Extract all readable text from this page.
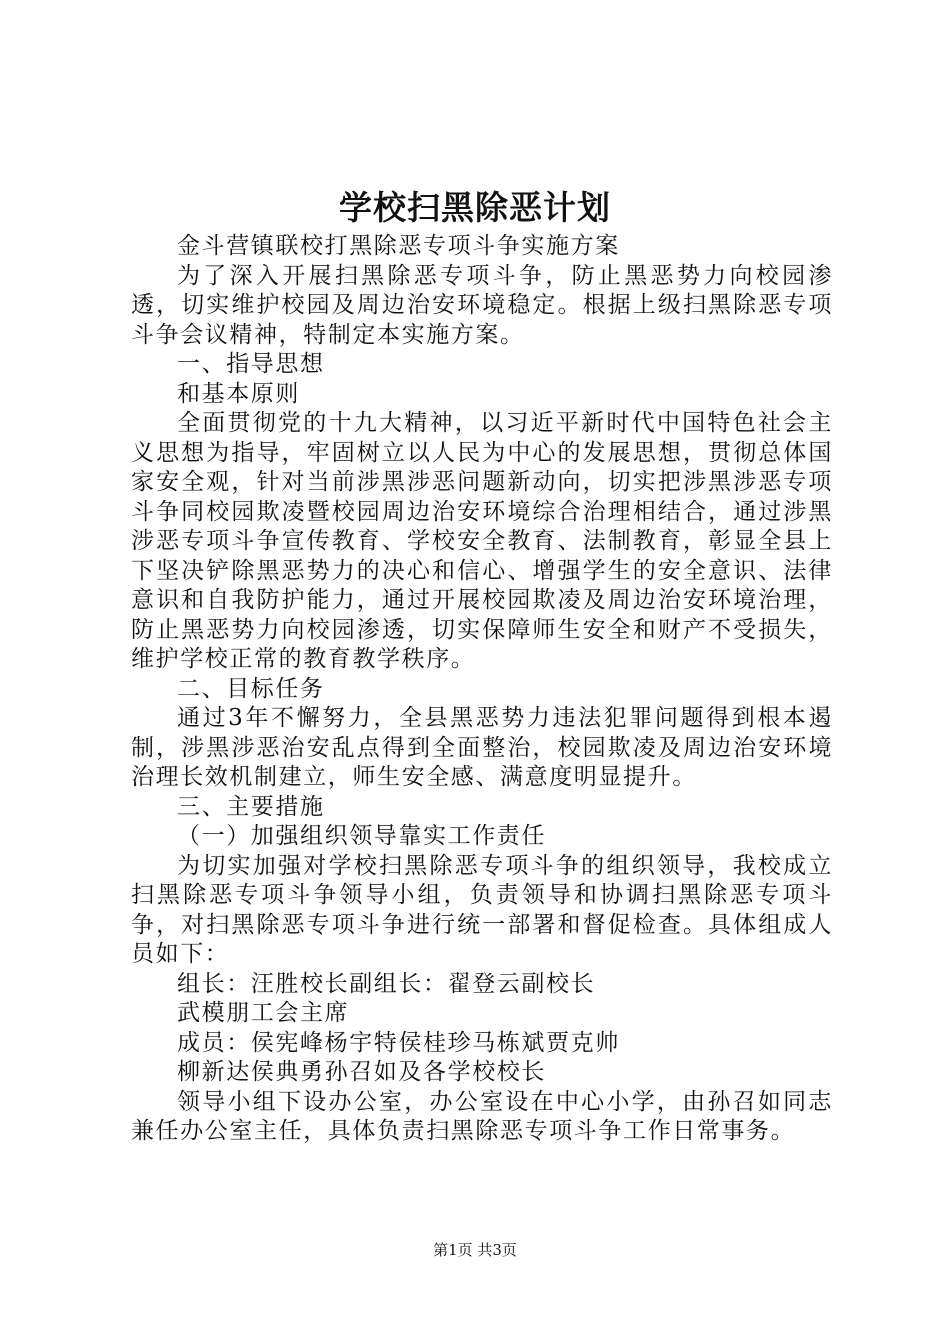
学校扫黑除恶计划

金斗营镇联校打黑除恶专项斗争实施方案

为了深入开展扫黑除恶专项斗争，防止黑恶势力向校园渗透，切实维护校园及周边治安环境稳定。根据上级扫黑除恶专项斗争会议精神，特制定本实施方案。

一、指导思想

和基本原则

全面贯彻党的十九大精神，以习近平新时代中国特色社会主义思想为指导，牢固树立以人民为中心的发展思想，贯彻总体国家安全观，针对当前涉黑涉恶问题新动向，切实把涉黑涉恶专项斗争同校园欺凌暨校园周边治安环境综合治理相结合，通过涉黑涉恶专项斗争宣传教育、学校安全教育、法制教育，彰显全县上下坚决铲除黑恶势力的决心和信心、增强学生的安全意识、法律意识和自我防护能力，通过开展校园欺凌及周边治安环境治理，防止黑恶势力向校园渗透，切实保障师生安全和财产不受损失，维护学校正常的教育教学秩序。

二、目标任务

通过3年不懈努力，全县黑恶势力违法犯罪问题得到根本遏制，涉黑涉恶治安乱点得到全面整治，校园欺凌及周边治安环境治理长效机制建立，师生安全感、满意度明显提升。

三、主要措施

（一）加强组织领导靠实工作责任

为切实加强对学校扫黑除恶专项斗争的组织领导，我校成立扫黑除恶专项斗争领导小组，负责领导和协调扫黑除恶专项斗争，对扫黑除恶专项斗争进行统一部署和督促检查。具体组成人员如下：

组长：汪胜校长副组长：翟登云副校长

武模朋工会主席

成员：侯宪峰杨宇特侯桂珍马栋斌贾克帅

柳新达侯典勇孙召如及各学校校长

领导小组下设办公室，办公室设在中心小学，由孙召如同志兼任办公室主任，具体负责扫黑除恶专项斗争工作日常事务。

第1页 共3页
